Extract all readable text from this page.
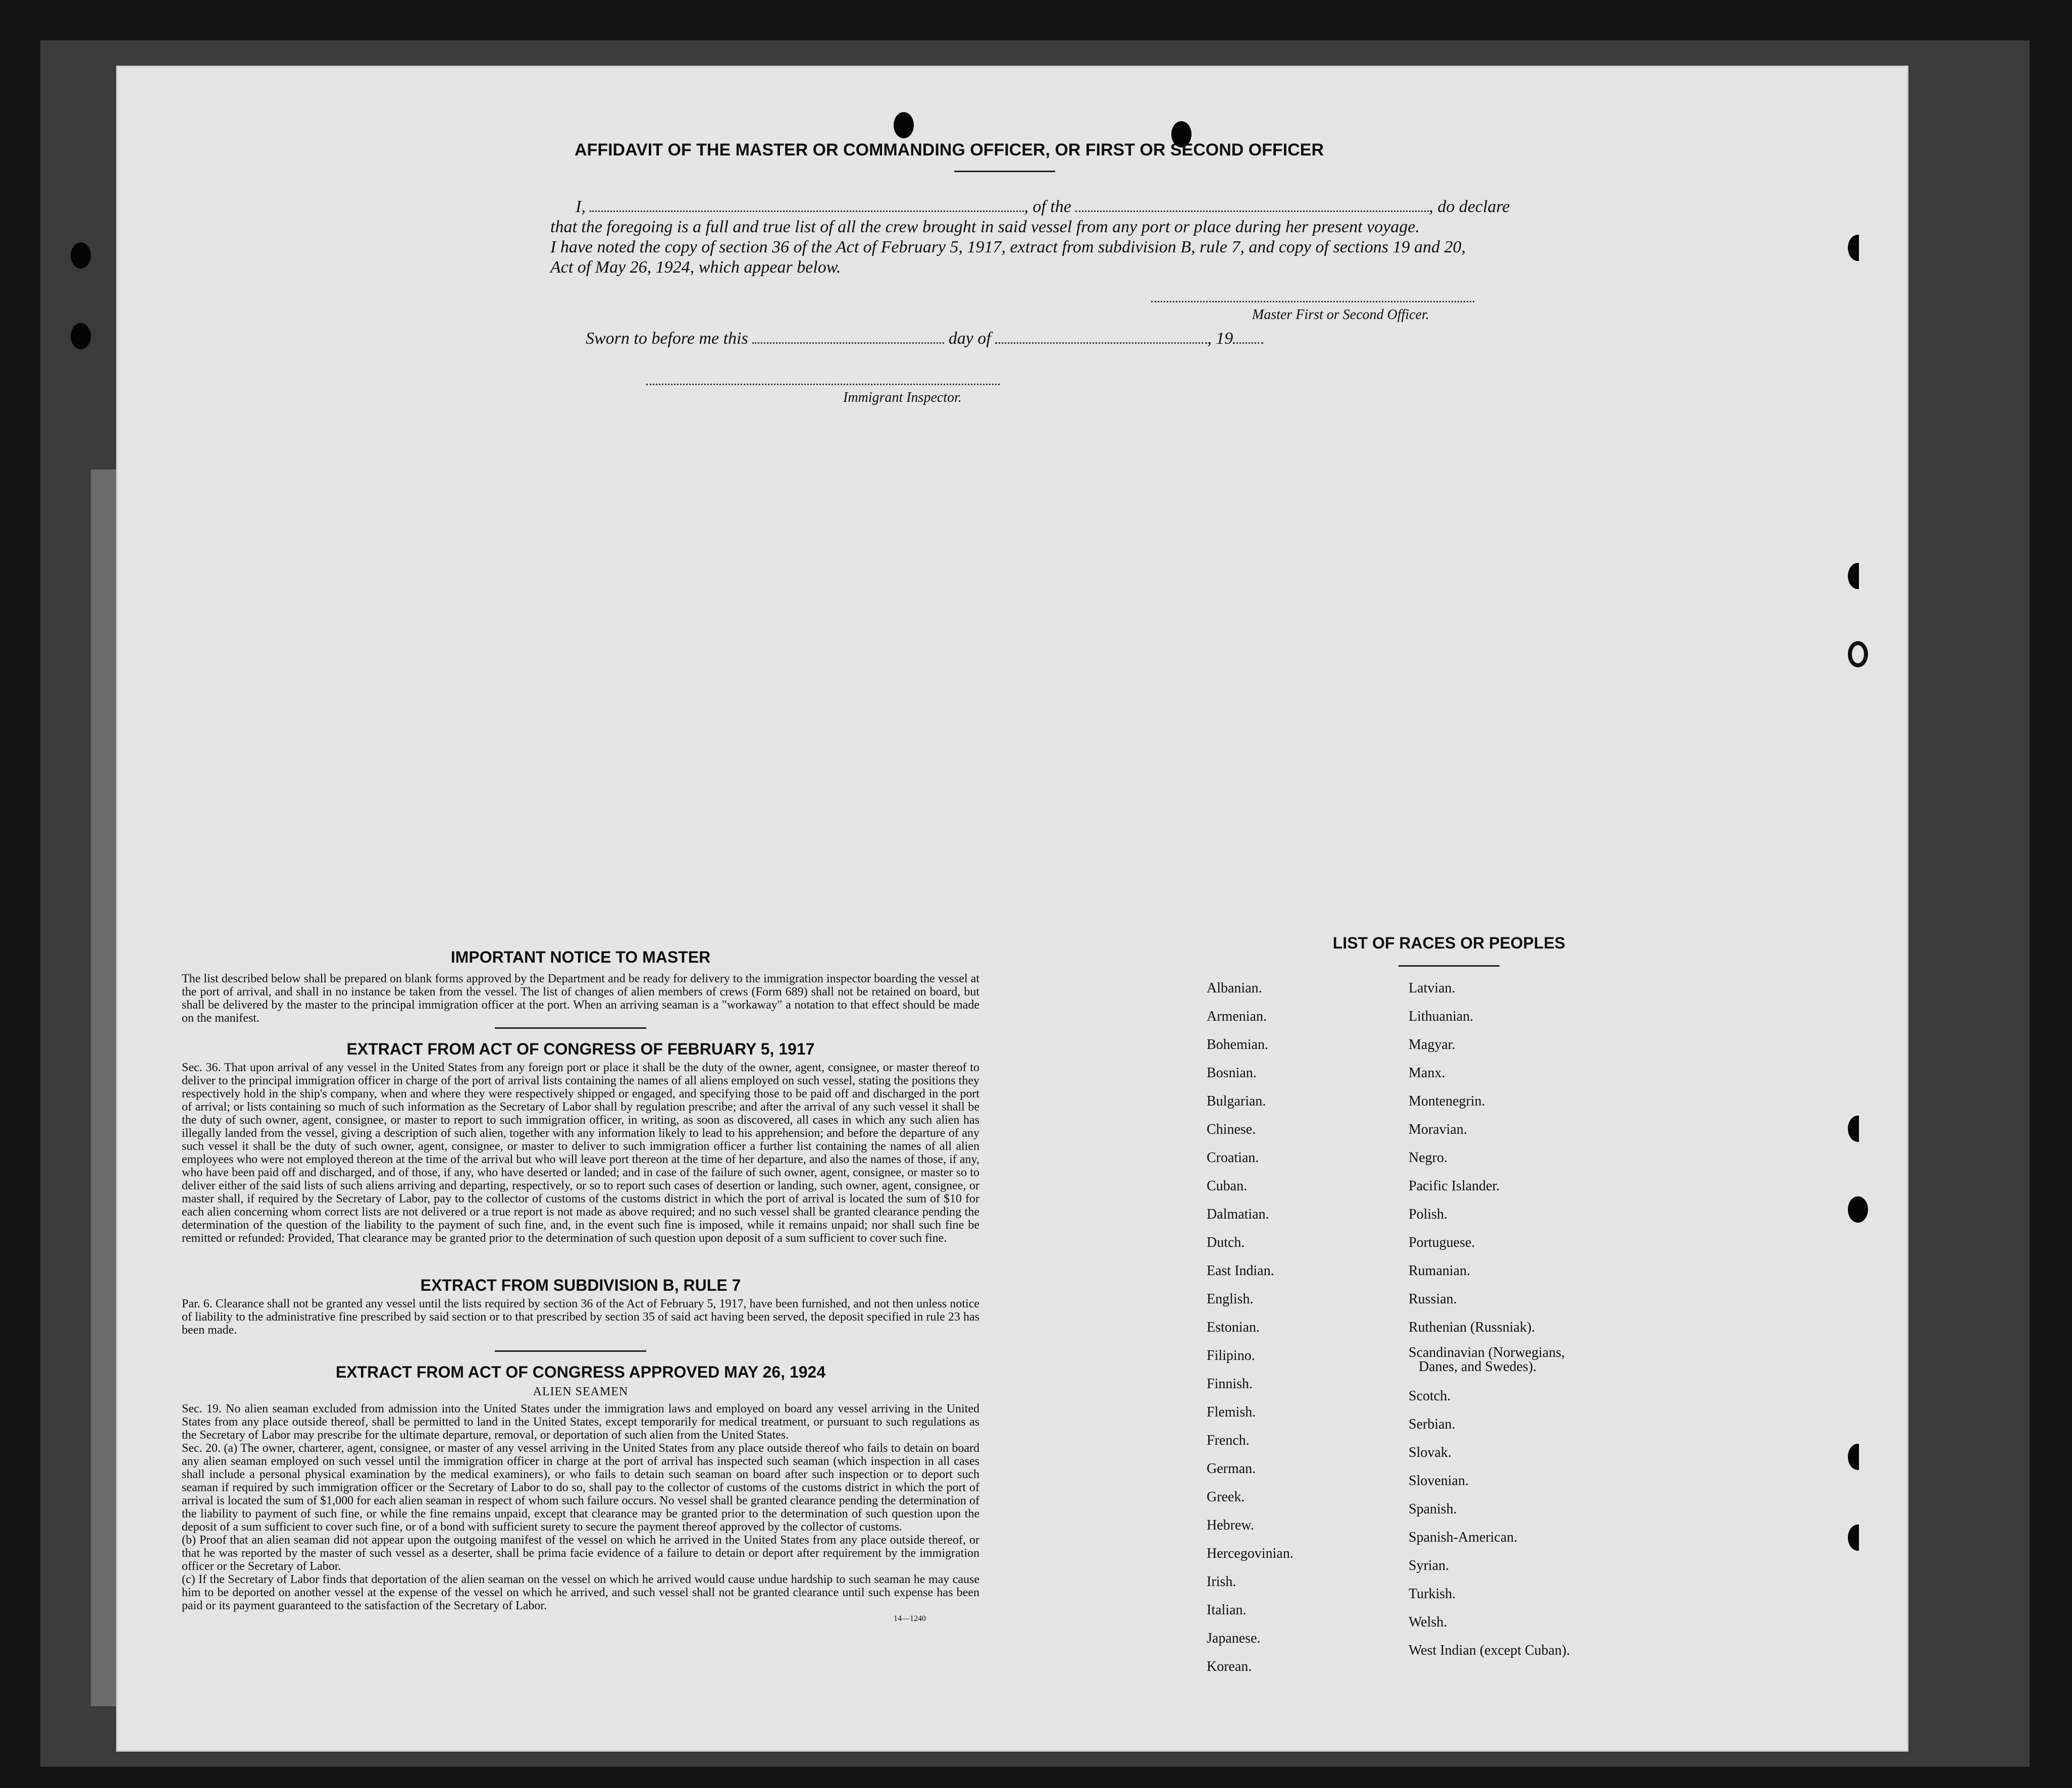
AFFIDAVIT OF THE MASTER OR COMMANDING OFFICER, OR FIRST OR SECOND OFFICER
I,	, of the	, do declare
that the foregoing is a full and true list of all the crew brought in said vessel from any port or place during her present voyage.
I have noted the copy of section 36 of the Act of February 5, 1917, extract from subdivision B, rule 7, and copy of sections 19 and 20,
Act of May 26, 1924, which appear below.
Master First or Second Officer.
Sworn to before me this	day of	, 19
Immigrant Inspector.
IMPORTANT NOTICE TO MASTER
The list described below shall be prepared on blank forms approved by the Department and be ready for delivery to the immigration inspector boarding the vessel at the port of arrival, and shall in no instance be taken from the vessel. The list of changes of alien members of crews (Form 689) shall not be retained on board, but shall be delivered by the master to the principal immigration officer at the port. When an arriving seaman is a "workaway" a notation to that effect should be made on the manifest.
EXTRACT FROM ACT OF CONGRESS OF FEBRUARY 5, 1917
Sec. 36. That upon arrival of any vessel in the United States from any foreign port or place it shall be the duty of the owner, agent, consignee, or master thereof to deliver to the principal immigration officer in charge of the port of arrival lists containing the names of all aliens employed on such vessel, stating the positions they respectively hold in the ship's company, when and where they were respectively shipped or engaged, and specifying those to be paid off and discharged in the port of arrival; or lists containing so much of such information as the Secretary of Labor shall by regulation prescribe; and after the arrival of any such vessel it shall be the duty of such owner, agent, consignee, or master to report to such immigration officer, in writing, as soon as discovered, all cases in which any such alien has illegally landed from the vessel, giving a description of such alien, together with any information likely to lead to his apprehension; and before the departure of any such vessel it shall be the duty of such owner, agent, consignee, or master to deliver to such immigration officer a further list containing the names of all alien employees who were not employed thereon at the time of the arrival but who will leave port thereon at the time of her departure, and also the names of those, if any, who have been paid off and discharged, and of those, if any, who have deserted or landed; and in case of the failure of such owner, agent, consignee, or master so to deliver either of the said lists of such aliens arriving and departing, respectively, or so to report such cases of desertion or landing, such owner, agent, consignee, or master shall, if required by the Secretary of Labor, pay to the collector of customs of the customs district in which the port of arrival is located the sum of $10 for each alien concerning whom correct lists are not delivered or a true report is not made as above required; and no such vessel shall be granted clearance pending the determination of the question of the liability to the payment of such fine, and, in the event such fine is imposed, while it remains unpaid; nor shall such fine be remitted or refunded: Provided, That clearance may be granted prior to the determination of such question upon deposit of a sum sufficient to cover such fine.
EXTRACT FROM SUBDIVISION B, RULE 7
Par. 6. Clearance shall not be granted any vessel until the lists required by section 36 of the Act of February 5, 1917, have been furnished, and not then unless notice of liability to the administrative fine prescribed by said section or to that prescribed by section 35 of said act having been served, the deposit specified in rule 23 has been made.
EXTRACT FROM ACT OF CONGRESS APPROVED MAY 26, 1924
ALIEN SEAMEN
Sec. 19. No alien seaman excluded from admission into the United States under the immigration laws and employed on board any vessel arriving in the United States from any place outside thereof, shall be permitted to land in the United States, except temporarily for medical treatment, or pursuant to such regulations as the Secretary of Labor may prescribe for the ultimate departure, removal, or deportation of such alien from the United States.
Sec. 20. (a) The owner, charterer, agent, consignee, or master of any vessel arriving in the United States from any place outside thereof who fails to detain on board any alien seaman employed on such vessel until the immigration officer in charge at the port of arrival has inspected such seaman (which inspection in all cases shall include a personal physical examination by the medical examiners), or who fails to detain such seaman on board after such inspection or to deport such seaman if required by such immigration officer or the Secretary of Labor to do so, shall pay to the collector of customs of the customs district in which the port of arrival is located the sum of $1,000 for each alien seaman in respect of whom such failure occurs. No vessel shall be granted clearance pending the determination of the liability to payment of such fine, or while the fine remains unpaid, except that clearance may be granted prior to the determination of such question upon the deposit of a sum sufficient to cover such fine, or of a bond with sufficient surety to secure the payment thereof approved by the collector of customs.
(b) Proof that an alien seaman did not appear upon the outgoing manifest of the vessel on which he arrived in the United States from any place outside thereof, or that he was reported by the master of such vessel as a deserter, shall be prima facie evidence of a failure to detain or deport after requirement by the immigration officer or the Secretary of Labor.
(c) If the Secretary of Labor finds that deportation of the alien seaman on the vessel on which he arrived would cause undue hardship to such seaman he may cause him to be deported on another vessel at the expense of the vessel on which he arrived, and such vessel shall not be granted clearance until such expense has been paid or its payment guaranteed to the satisfaction of the Secretary of Labor.
14—1240
LIST OF RACES OR PEOPLES
Albanian.
Armenian.
Bohemian.
Bosnian.
Bulgarian.
Chinese.
Croatian.
Cuban.
Dalmatian.
Dutch.
East Indian.
English.
Estonian.
Filipino.
Finnish.
Flemish.
French.
German.
Greek.
Hebrew.
Hercegovinian.
Irish.
Italian.
Japanese.
Korean.
Latvian.
Lithuanian.
Magyar.
Manx.
Montenegrin.
Moravian.
Negro.
Pacific Islander.
Polish.
Portuguese.
Rumanian.
Russian.
Ruthenian (Russniak).
Scandinavian (Norwegians,
Danes, and Swedes).
Scotch.
Serbian.
Slovak.
Slovenian.
Spanish.
Spanish-American.
Syrian.
Turkish.
Welsh.
West Indian (except Cuban).
